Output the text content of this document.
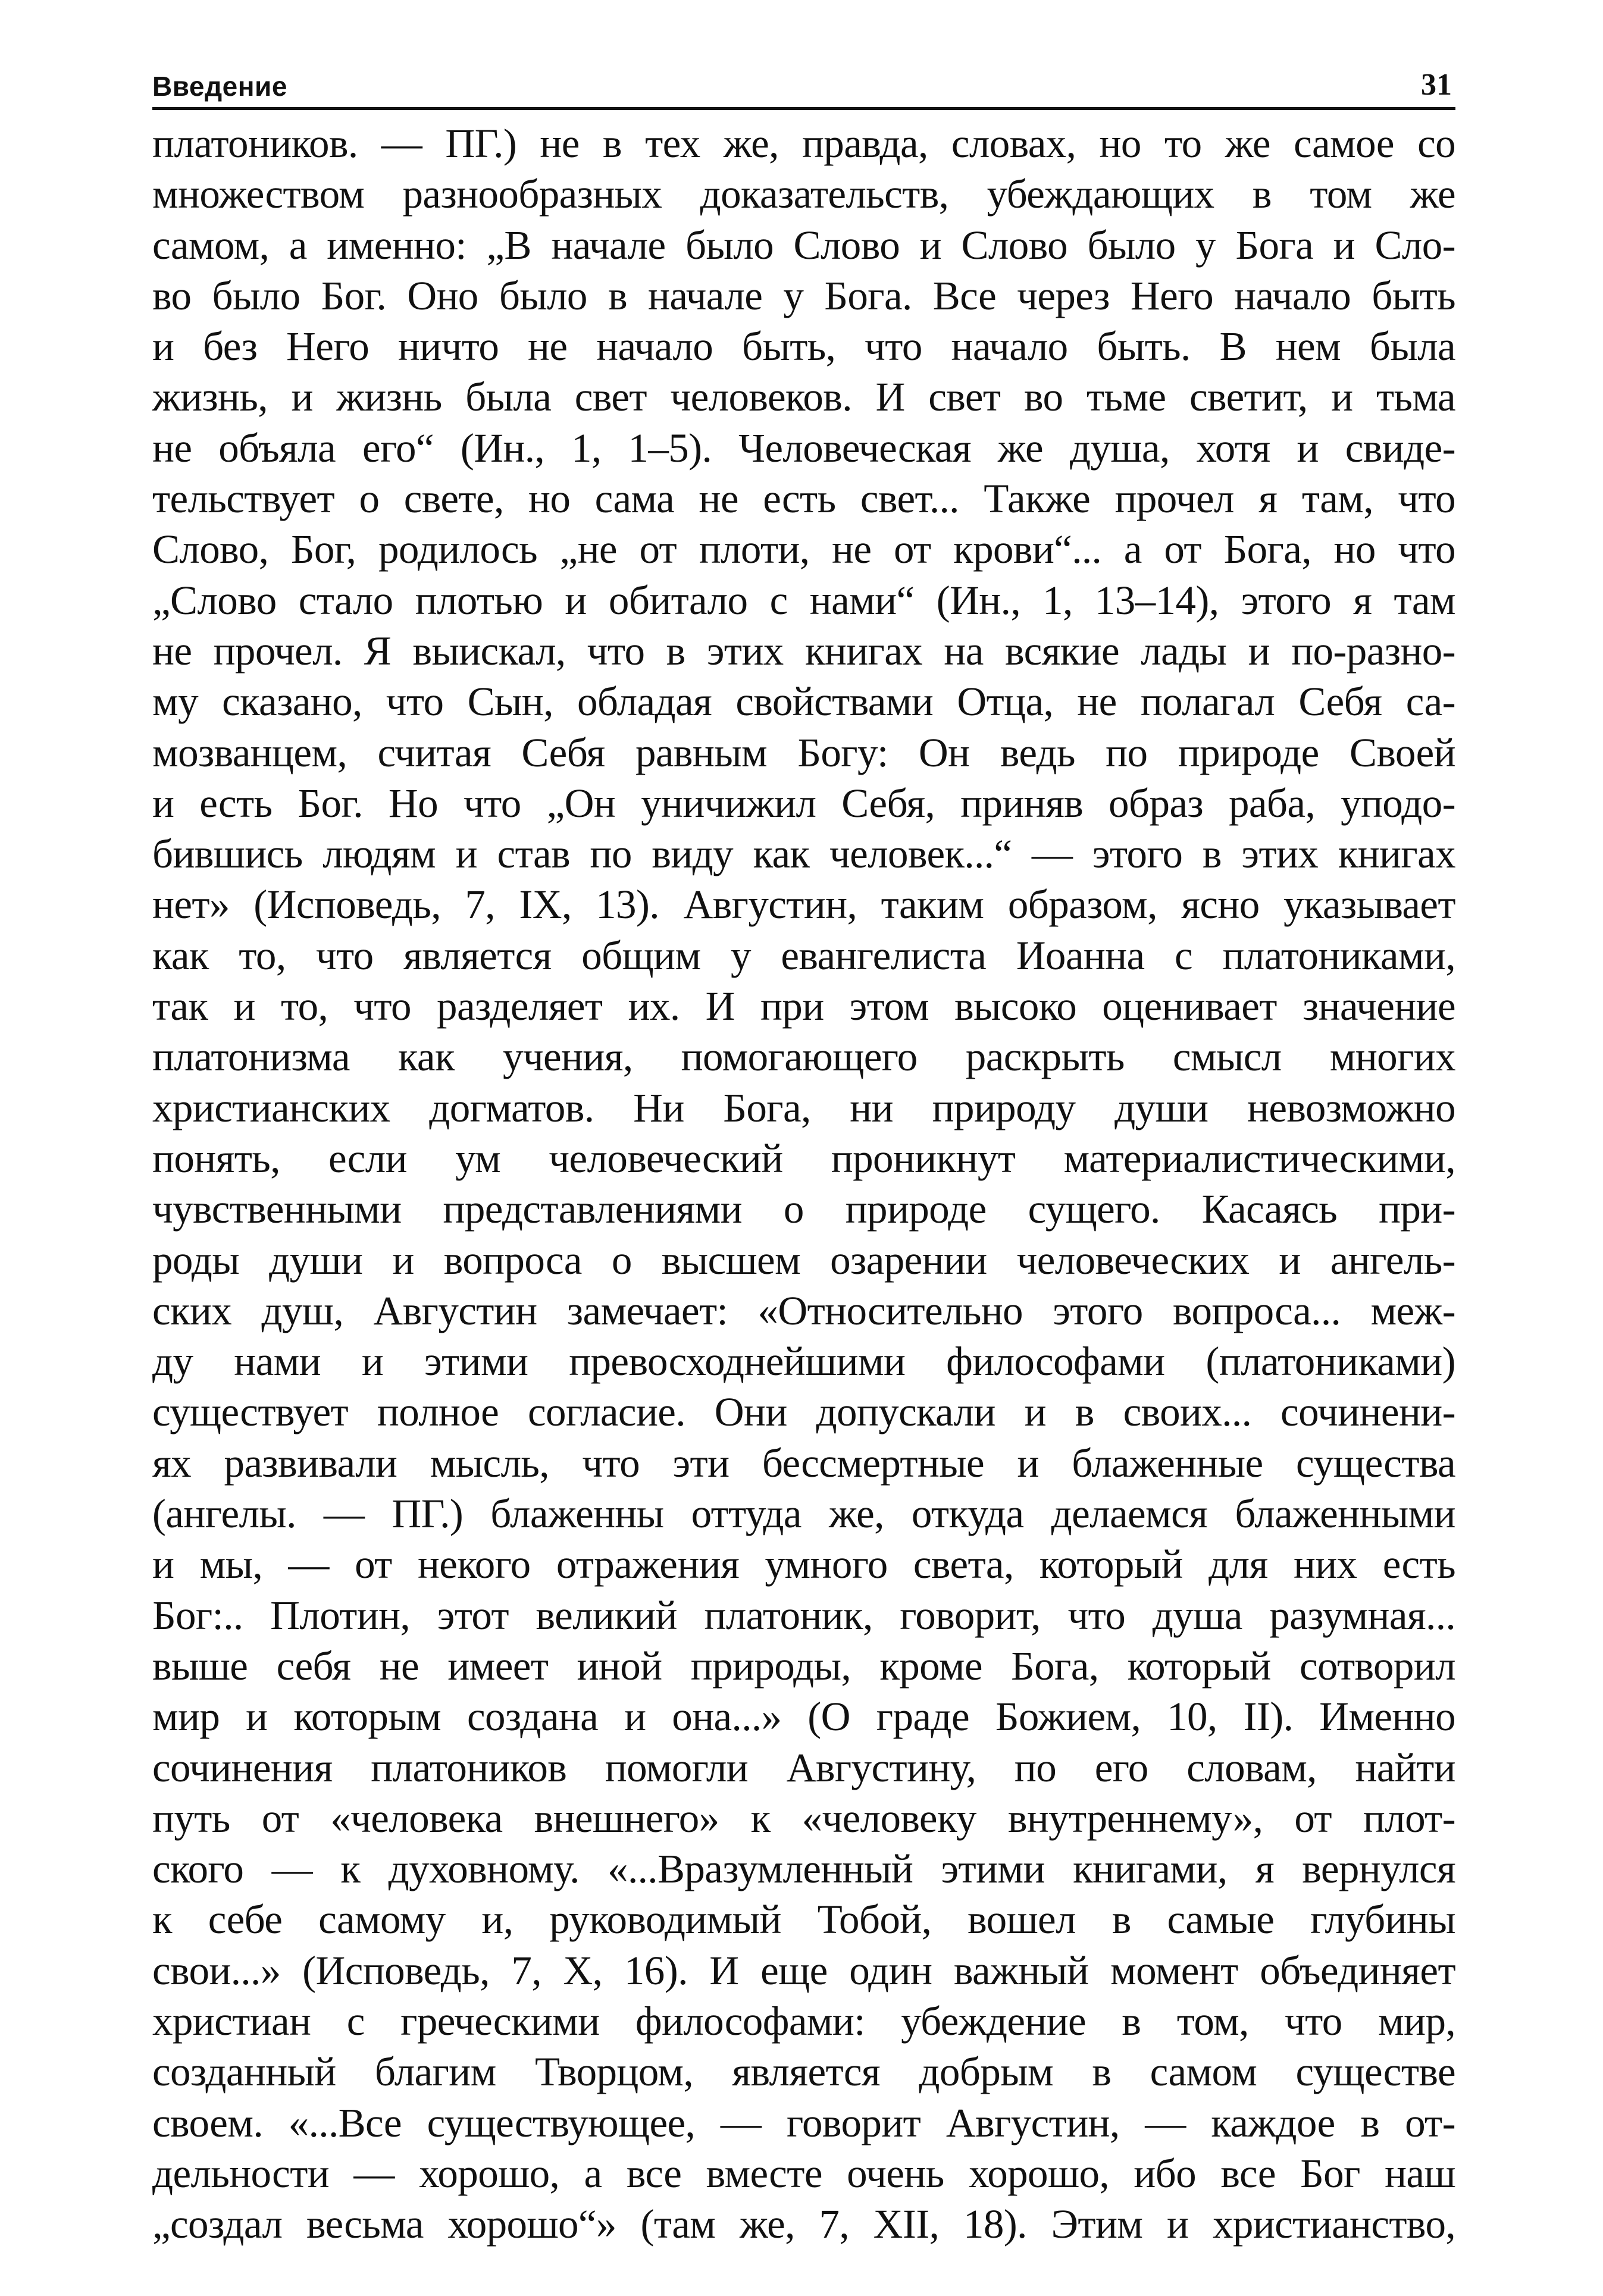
Введение	31
платоников. — ПГ.) не в тех же, правда, словах, но то же самое со
множеством разнообразных доказательств, убеждающих в том же
самом, а именно: „В начале было Слово и Слово было у Бога и Сло-
во было Бог. Оно было в начале у Бога. Все через Него начало быть
и без Него ничто не начало быть, что начало быть. В нем была
жизнь, и жизнь была свет человеков. И свет во тьме светит, и тьма
не объяла его“ (Ин., 1, 1–5). Человеческая же душа, хотя и свиде-
тельствует о свете, но сама не есть свет... Также прочел я там, что
Слово, Бог, родилось „не от плоти, не от крови“... а от Бога, но что
„Слово стало плотью и обитало с нами“ (Ин., 1, 13–14), этого я там
не прочел. Я выискал, что в этих книгах на всякие лады и по-разно-
му сказано, что Сын, обладая свойствами Отца, не полагал Себя са-
мозванцем, считая Себя равным Богу: Он ведь по природе Своей
и есть Бог. Но что „Он уничижил Себя, приняв образ раба, уподо-
бившись людям и став по виду как человек...“ — этого в этих книгах
нет» (Исповедь, 7, IX, 13). Августин, таким образом, ясно указывает
как то, что является общим у евангелиста Иоанна с платониками,
так и то, что разделяет их. И при этом высоко оценивает значение
платонизма как учения, помогающего раскрыть смысл многих
христианских догматов. Ни Бога, ни природу души невозможно
понять, если ум человеческий проникнут материалистическими,
чувственными представлениями о природе сущего. Касаясь при-
роды души и вопроса о высшем озарении человеческих и ангель-
ских душ, Августин замечает: «Относительно этого вопроса... меж-
ду нами и этими превосходнейшими философами (платониками)
существует полное согласие. Они допускали и в своих... сочинени-
ях развивали мысль, что эти бессмертные и блаженные существа
(ангелы. — ПГ.) блаженны оттуда же, откуда делаемся блаженными
и мы, — от некого отражения умного света, который для них есть
Бог:.. Плотин, этот великий платоник, говорит, что душа разумная...
выше себя не имеет иной природы, кроме Бога, который сотворил
мир и которым создана и она...» (О граде Божием, 10, II). Именно
сочинения платоников помогли Августину, по его словам, найти
путь от «человека внешнего» к «человеку внутреннему», от плот-
ского — к духовному. «...Вразумленный этими книгами, я вернулся
к себе самому и, руководимый Тобой, вошел в самые глубины
свои...» (Исповедь, 7, X, 16). И еще один важный момент объединяет
христиан с греческими философами: убеждение в том, что мир,
созданный благим Творцом, является добрым в самом существе
своем. «...Все существующее, — говорит Августин, — каждое в от-
дельности — хорошо, а все вместе очень хорошо, ибо все Бог наш
„создал весьма хорошо“» (там же, 7, XII, 18). Этим и христианство,
